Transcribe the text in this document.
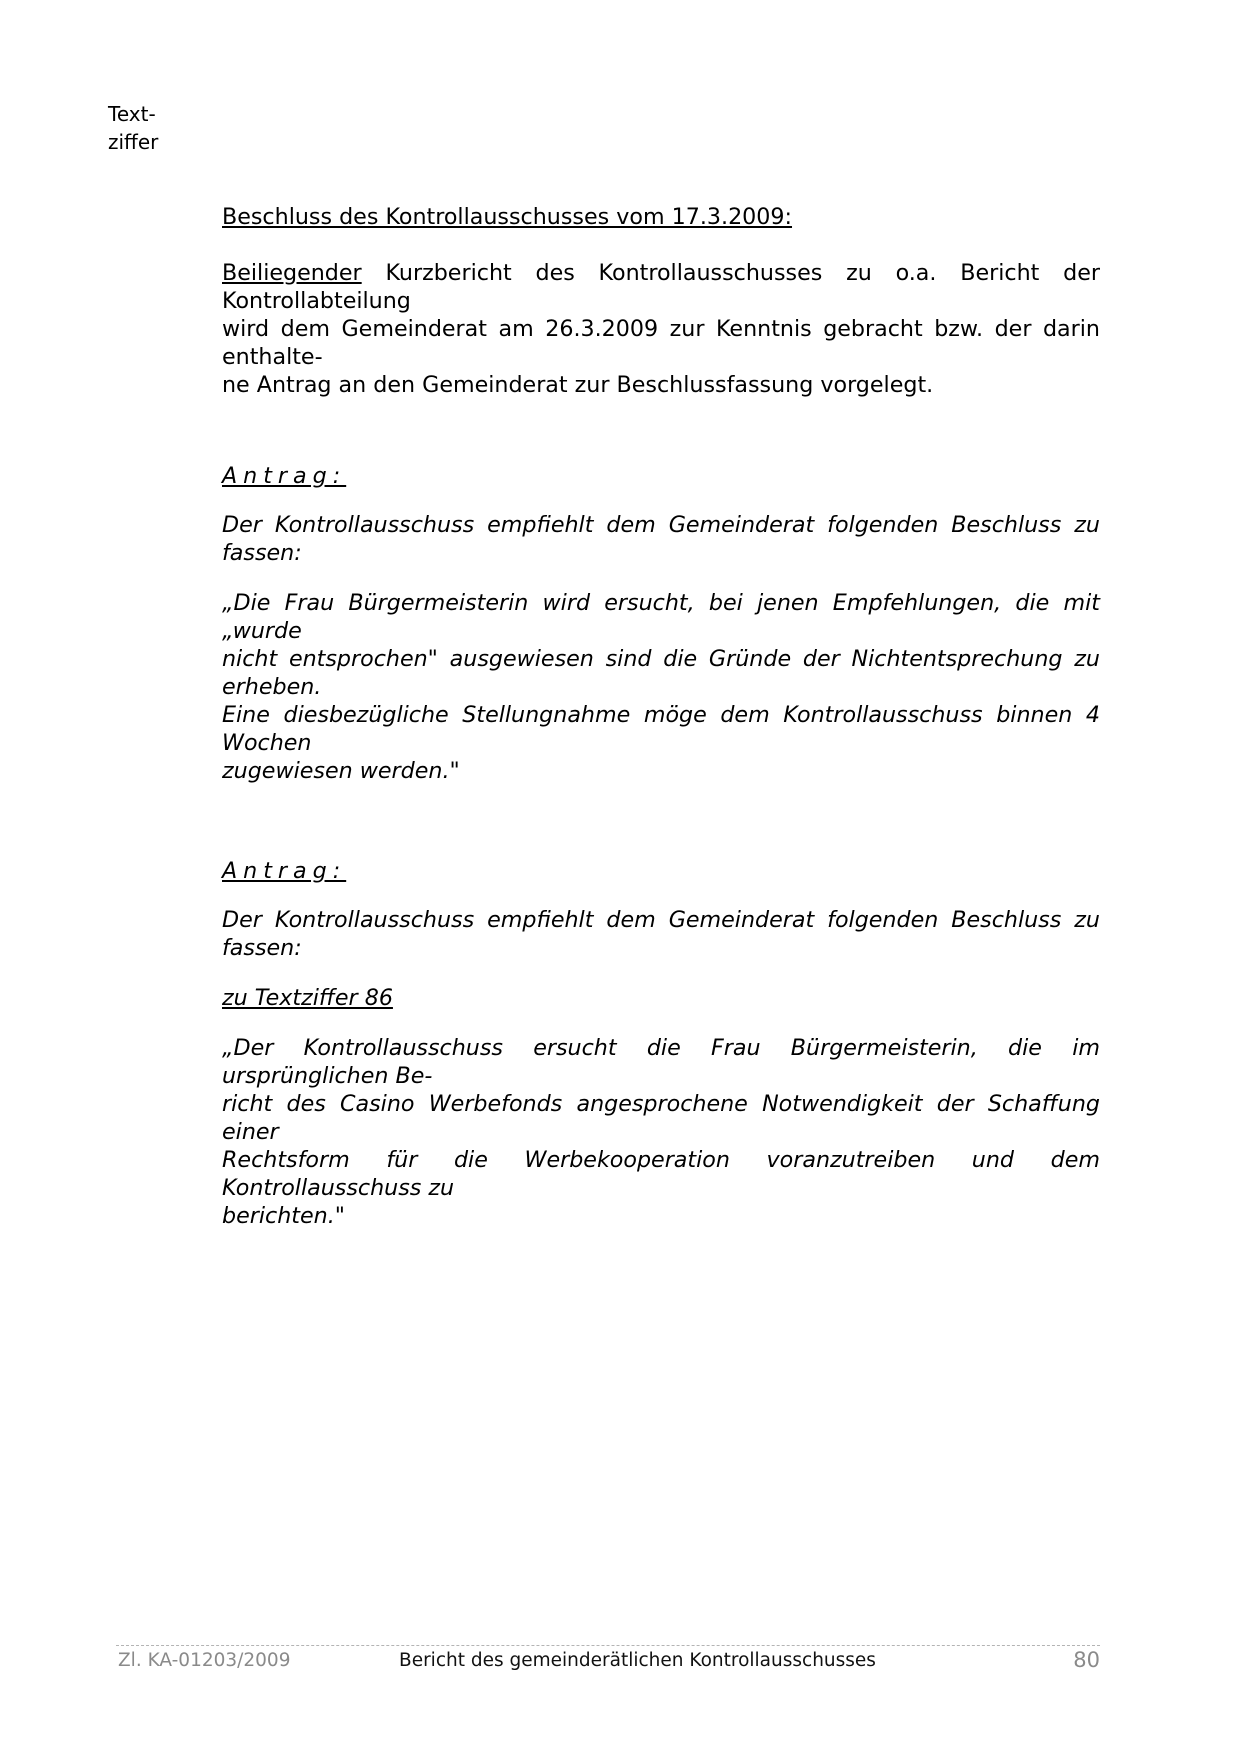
Text-
ziffer

Beschluss des Kontrollausschusses vom 17.3.2009:

Beiliegender Kurzbericht des Kontrollausschusses zu o.a. Bericht der Kontrollabteilung
wird dem Gemeinderat am 26.3.2009 zur Kenntnis gebracht bzw. der darin enthalte-
ne Antrag an den Gemeinderat zur Beschlussfassung vorgelegt.

Antrag:

Der Kontrollausschuss empfiehlt dem Gemeinderat folgenden Beschluss zu fassen:

„Die Frau Bürgermeisterin wird ersucht, bei jenen Empfehlungen, die mit „wurde
nicht entsprochen" ausgewiesen sind die Gründe der Nichtentsprechung zu erheben.
Eine diesbezügliche Stellungnahme möge dem Kontrollausschuss binnen 4 Wochen
zugewiesen werden."

Antrag:

Der Kontrollausschuss empfiehlt dem Gemeinderat folgenden Beschluss zu fassen:

zu Textziffer 86

„Der Kontrollausschuss ersucht die Frau Bürgermeisterin, die im ursprünglichen Be-
richt des Casino Werbefonds angesprochene Notwendigkeit der Schaffung einer
Rechtsform für die Werbekooperation voranzutreiben und dem Kontrollausschuss zu
berichten."
Zl. KA-01203/2009	Bericht des gemeinderätlichen Kontrollausschusses	80
